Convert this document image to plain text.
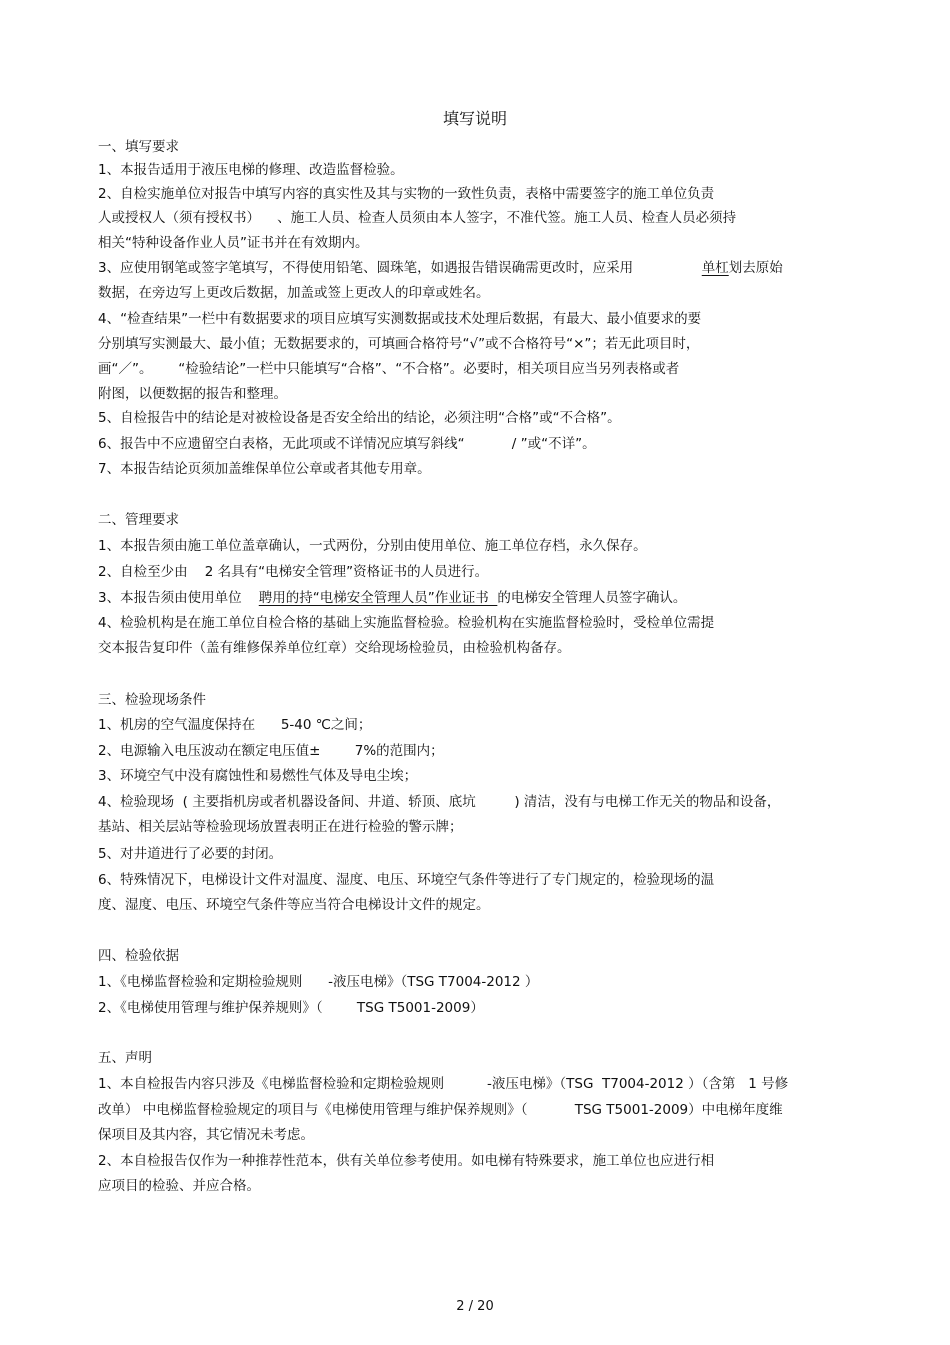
填写说明
一、填写要求
1、本报告适用于液压电梯的修理、改造监督检验。
2、自检实施单位对报告中填写内容的真实性及其与实物的一致性负责，表格中需要签字的施工单位负责
人或授权人（须有授权书）    、施工人员、检查人员须由本人签字，不准代签。施工人员、检查人员必须持
相关“特种设备作业人员”证书并在有效期内。
3、应使用钢笔或签字笔填写，不得使用铅笔、圆珠笔，如遇报告错误确需更改时，应采用                单杠划去原始
数据，在旁边写上更改后数据，加盖或签上更改人的印章或姓名。
4、“检查结果”一栏中有数据要求的项目应填写实测数据或技术处理后数据，有最大、最小值要求的要
分别填写实测最大、最小值；无数据要求的，可填画合格符号“√”或不合格符号“×”；若无此项目时，
画“／”。      “检验结论”一栏中只能填写“合格”、“不合格”。必要时，相关项目应当另列表格或者
附图，以便数据的报告和整理。
5、自检报告中的结论是对被检设备是否安全给出的结论，必须注明“合格”或“不合格”。
6、报告中不应遗留空白表格，无此项或不详情况应填写斜线“           / ”或“不详”。
7、本报告结论页须加盖维保单位公章或者其他专用章。
二、管理要求
1、本报告须由施工单位盖章确认，一式两份，分别由使用单位、施工单位存档，永久保存。
2、自检至少由    2 名具有“电梯安全管理”资格证书的人员进行。
3、本报告须由使用单位    聘用的持“电梯安全管理人员”作业证书  的电梯安全管理人员签字确认。
4、检验机构是在施工单位自检合格的基础上实施监督检验。检验机构在实施监督检验时，受检单位需提
交本报告复印件（盖有维修保养单位红章）交给现场检验员，由检验机构备存。
三、检验现场条件
1、机房的空气温度保持在      5-40 ℃之间；
2、电源输入电压波动在额定电压值±        7%的范围内；
3、环境空气中没有腐蚀性和易燃性气体及导电尘埃；
4、检验现场  ( 主要指机房或者机器设备间、井道、轿顶、底坑         ) 清洁，没有与电梯工作无关的物品和设备，
基站、相关层站等检验现场放置表明正在进行检验的警示牌；
5、对井道进行了必要的封闭。
6、特殊情况下，电梯设计文件对温度、湿度、电压、环境空气条件等进行了专门规定的，检验现场的温
度、湿度、电压、环境空气条件等应当符合电梯设计文件的规定。
四、检验依据
1、《电梯监督检验和定期检验规则      -液压电梯》（TSG T7004-2012 ）
2、《电梯使用管理与维护保养规则》（        TSG T5001-2009）
五、声明
1、本自检报告内容只涉及《电梯监督检验和定期检验规则          -液压电梯》（TSG  T7004-2012 ）（含第   1 号修
改单） 中电梯监督检验规定的项目与《电梯使用管理与维护保养规则》（           TSG T5001-2009）中电梯年度维
保项目及其内容，其它情况未考虑。
2、本自检报告仅作为一种推荐性范本，供有关单位参考使用。如电梯有特殊要求，施工单位也应进行相
应项目的检验、并应合格。
2 / 20
